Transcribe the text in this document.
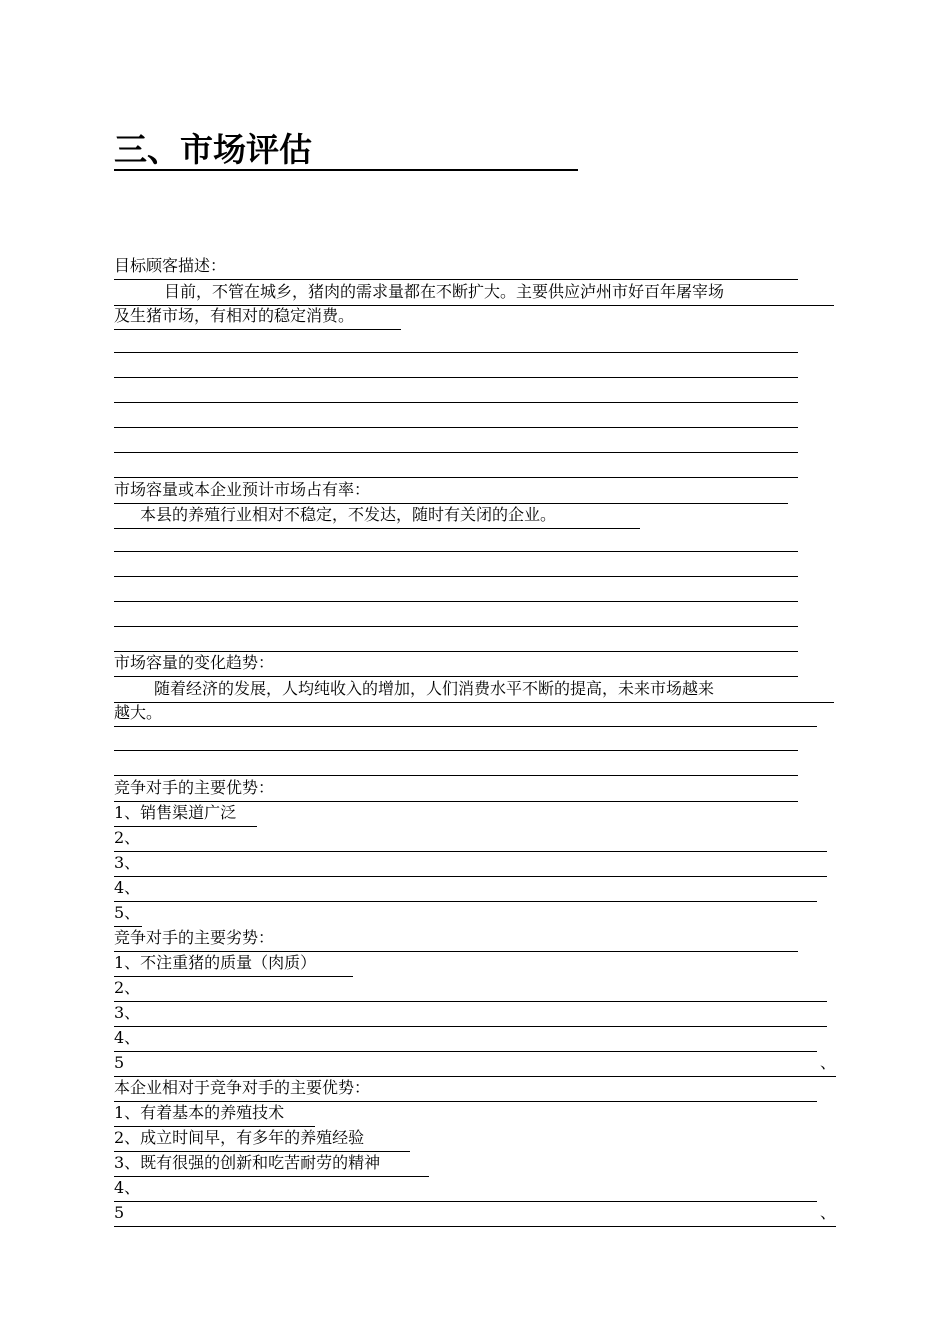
三、市场评估
目标顾客描述：
目前，不管在城乡，猪肉的需求量都在不断扩大。主要供应泸州市好百年屠宰场
及生猪市场，有相对的稳定消费。
市场容量或本企业预计市场占有率：
本县的养殖行业相对不稳定，不发达，随时有关闭的企业。
市场容量的变化趋势：
随着经济的发展，人均纯收入的增加，人们消费水平不断的提高，未来市场越来
越大。
竞争对手的主要优势：
1、销售渠道广泛
2、
3、
4、
5、
竞争对手的主要劣势：
1、不注重猪的质量（肉质）
2、
3、
4、
5	、
本企业相对于竞争对手的主要优势：
1、有着基本的养殖技术
2、成立时间早，有多年的养殖经验
3、既有很强的创新和吃苦耐劳的精神
4、
5	、
